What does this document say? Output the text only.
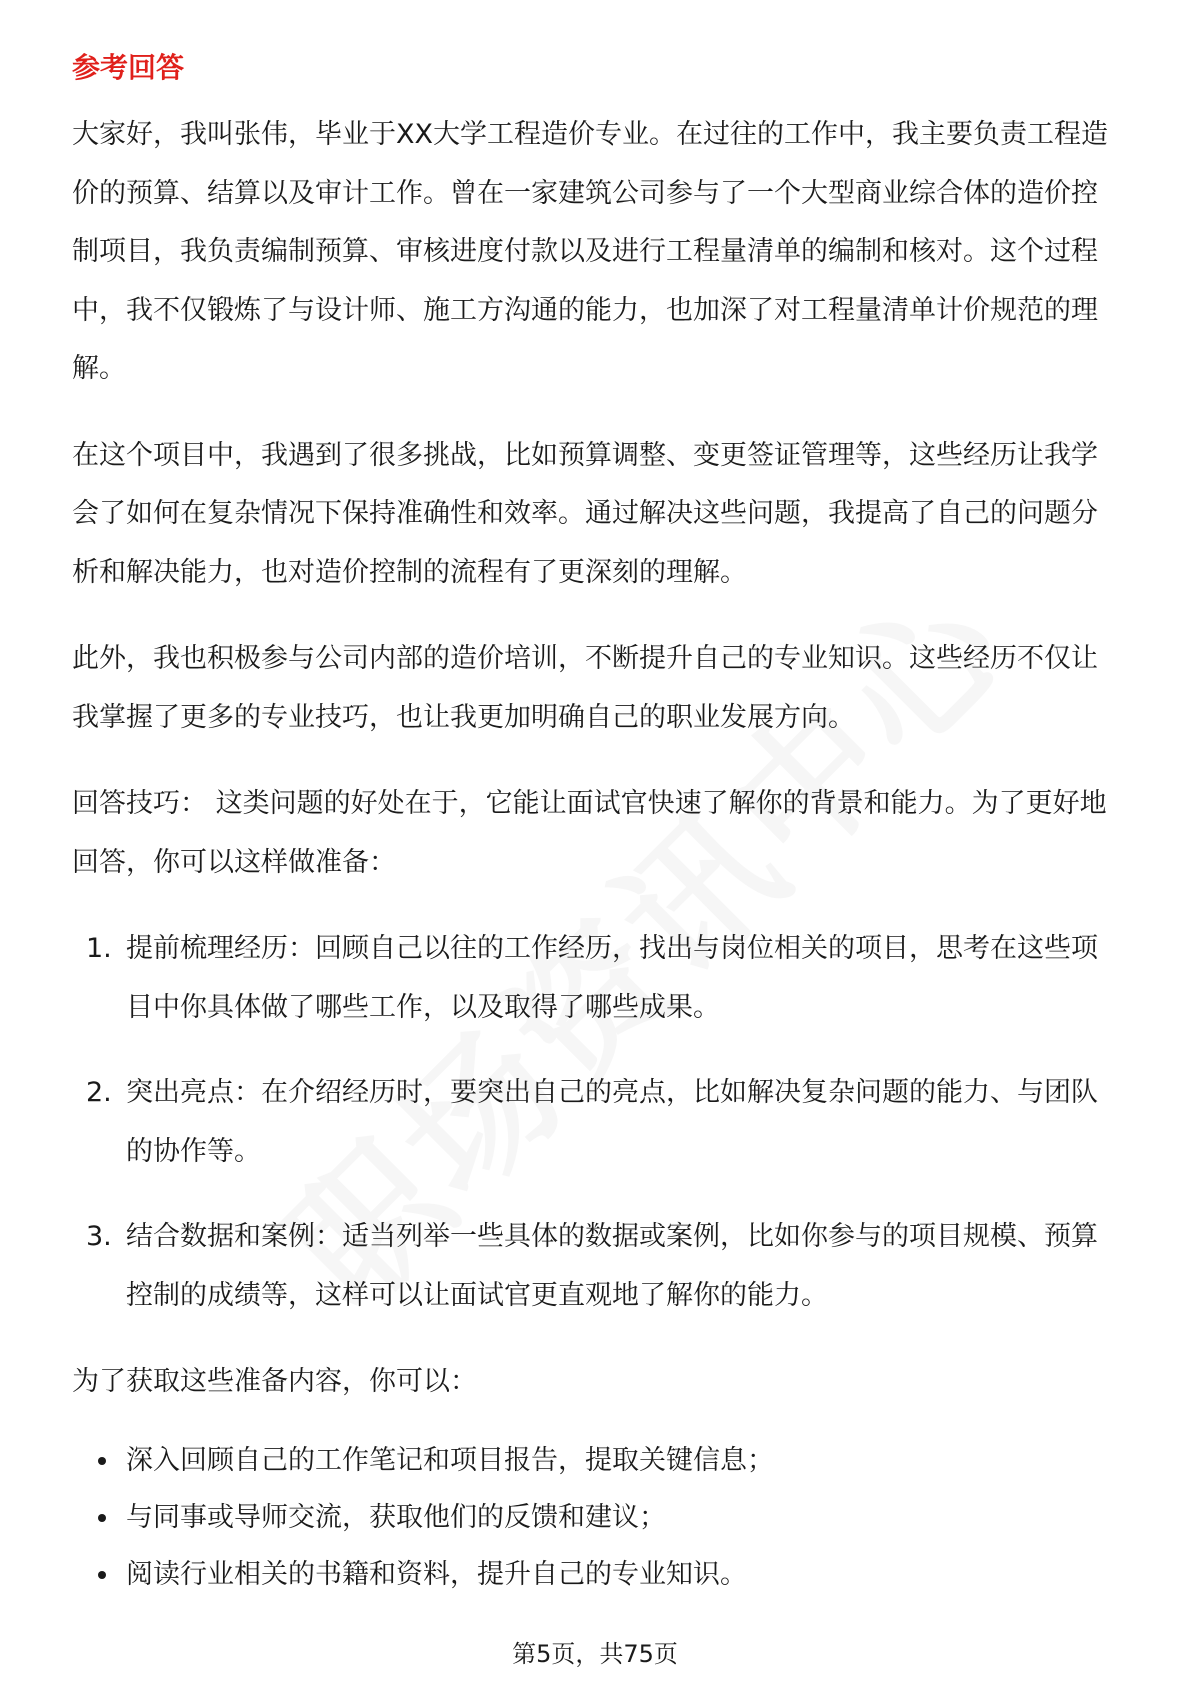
参考回答
大家好，我叫张伟，毕业于XX大学工程造价专业。在过往的工作中，我主要负责工程造价的预算、结算以及审计工作。曾在一家建筑公司参与了一个大型商业综合体的造价控制项目，我负责编制预算、审核进度付款以及进行工程量清单的编制和核对。这个过程中，我不仅锻炼了与设计师、施工方沟通的能力，也加深了对工程量清单计价规范的理解。
在这个项目中，我遇到了很多挑战，比如预算调整、变更签证管理等，这些经历让我学会了如何在复杂情况下保持准确性和效率。通过解决这些问题，我提高了自己的问题分析和解决能力，也对造价控制的流程有了更深刻的理解。
此外，我也积极参与公司内部的造价培训，不断提升自己的专业知识。这些经历不仅让我掌握了更多的专业技巧，也让我更加明确自己的职业发展方向。
回答技巧： 这类问题的好处在于，它能让面试官快速了解你的背景和能力。为了更好地回答，你可以这样做准备：
1. 提前梳理经历：回顾自己以往的工作经历，找出与岗位相关的项目，思考在这些项目中你具体做了哪些工作，以及取得了哪些成果。
2. 突出亮点：在介绍经历时，要突出自己的亮点，比如解决复杂问题的能力、与团队的协作等。
3. 结合数据和案例：适当列举一些具体的数据或案例，比如你参与的项目规模、预算控制的成绩等，这样可以让面试官更直观地了解你的能力。
为了获取这些准备内容，你可以：
深入回顾自己的工作笔记和项目报告，提取关键信息；
与同事或导师交流，获取他们的反馈和建议；
阅读行业相关的书籍和资料，提升自己的专业知识。
第5页，共75页
